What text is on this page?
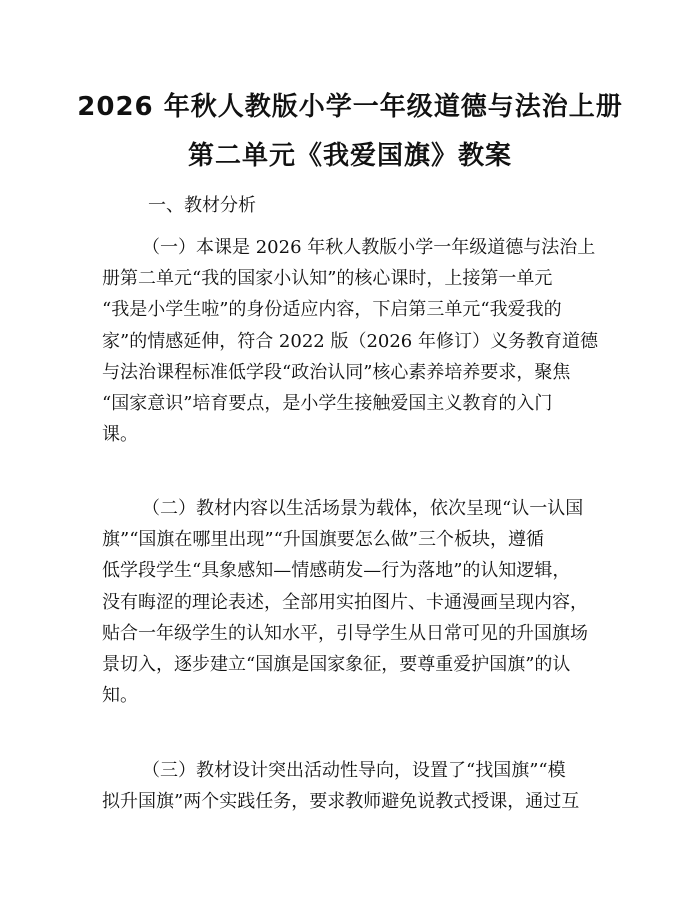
2026 年秋人教版小学一年级道德与法治上册
第二单元《我爱国旗》教案
一、教材分析
（一）本课是 2026 年秋人教版小学一年级道德与法治上
册第二单元“我的国家小认知”的核心课时，上接第一单元
“我是小学生啦”的身份适应内容，下启第三单元“我爱我的
家”的情感延伸，符合 2022 版（2026 年修订）义务教育道德
与法治课程标准低学段“政治认同”核心素养培养要求，聚焦
“国家意识”培育要点，是小学生接触爱国主义教育的入门
课。
（二）教材内容以生活场景为载体，依次呈现“认一认国
旗”“国旗在哪里出现”“升国旗要怎么做”三个板块，遵循
低学段学生“具象感知—情感萌发—行为落地”的认知逻辑，
没有晦涩的理论表述，全部用实拍图片、卡通漫画呈现内容，
贴合一年级学生的认知水平，引导学生从日常可见的升国旗场
景切入，逐步建立“国旗是国家象征，要尊重爱护国旗”的认
知。
（三）教材设计突出活动性导向，设置了“找国旗”“模
拟升国旗”两个实践任务，要求教师避免说教式授课，通过互
